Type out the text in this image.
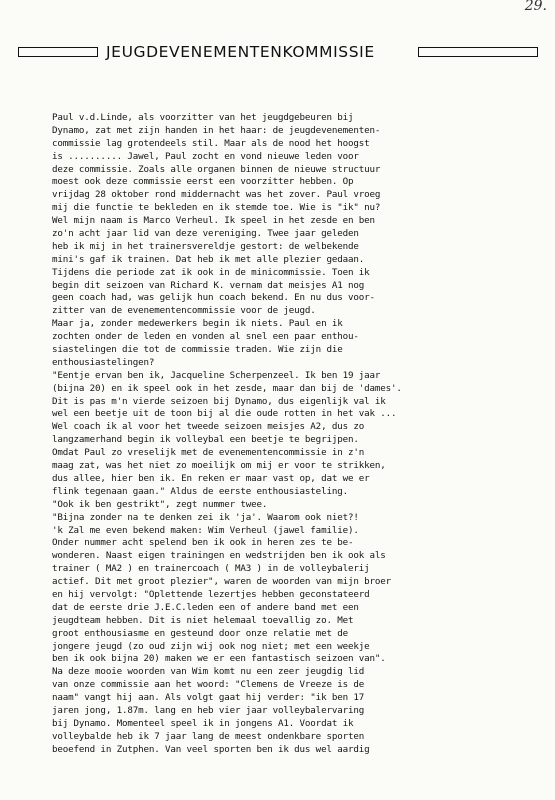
29.
JEUGDEVENEMENTENKOMMISSIE
Paul v.d.Linde, als voorzitter van het jeugdgebeuren bij
Dynamo, zat met zijn handen in het haar: de jeugdevenementen-
commissie lag grotendeels stil. Maar als de nood het hoogst
is .......... Jawel, Paul zocht en vond nieuwe leden voor
deze commissie. Zoals alle organen binnen de nieuwe structuur
moest ook deze commissie eerst een voorzitter hebben. Op
vrijdag 28 oktober rond middernacht was het zover. Paul vroeg
mij die functie te bekleden en ik stemde toe. Wie is "ik" nu?
Wel mijn naam is Marco Verheul. Ik speel in het zesde en ben
zo'n acht jaar lid van deze vereniging. Twee jaar geleden
heb ik mij in het trainersvereldje gestort: de welbekende
mini's gaf ik trainen. Dat heb ik met alle plezier gedaan.
Tijdens die periode zat ik ook in de minicommissie. Toen ik
begin dit seizoen van Richard K. vernam dat meisjes A1 nog
geen coach had, was gelijk hun coach bekend. En nu dus voor-
zitter van de evenementencommissie voor de jeugd.
Maar ja, zonder medewerkers begin ik niets. Paul en ik
zochten onder de leden en vonden al snel een paar enthou-
siastelingen die tot de commissie traden. Wie zijn die
enthousiastelingen?
"Eentje ervan ben ik, Jacqueline Scherpenzeel. Ik ben 19 jaar
(bijna 20) en ik speel ook in het zesde, maar dan bij de 'dames'.
Dit is pas m'n vierde seizoen bij Dynamo, dus eigenlijk val ik
wel een beetje uit de toon bij al die oude rotten in het vak ...
Wel coach ik al voor het tweede seizoen meisjes A2, dus zo
langzamerhand begin ik volleybal een beetje te begrijpen.
Omdat Paul zo vreselijk met de evenementencommissie in z'n
maag zat, was het niet zo moeilijk om mij er voor te strikken,
dus allee, hier ben ik. En reken er maar vast op, dat we er
flink tegenaan gaan." Aldus de eerste enthousiasteling.
"Ook ik ben gestrikt", zegt nummer twee.
"Bijna zonder na te denken zei ik 'ja'. Waarom ook niet?!
'k Zal me even bekend maken: Wim Verheul (jawel familie).
Onder nummer acht spelend ben ik ook in heren zes te be-
wonderen. Naast eigen trainingen en wedstrijden ben ik ook als
trainer ( MA2 ) en trainercoach ( MA3 ) in de volleybalerij
actief. Dit met groot plezier", waren de woorden van mijn broer
en hij vervolgt: "Oplettende lezertjes hebben geconstateerd
dat de eerste drie J.E.C.leden een of andere band met een
jeugdteam hebben. Dit is niet helemaal toevallig zo. Met
groot enthousiasme en gesteund door onze relatie met de
jongere jeugd (zo oud zijn wij ook nog niet; met een weekje
ben ik ook bijna 20) maken we er een fantastisch seizoen van".
Na deze mooie woorden van Wim komt nu een zeer jeugdig lid
van onze commissie aan het woord: "Clemens de Vreeze is de
naam" vangt hij aan. Als volgt gaat hij verder: "ik ben 17
jaren jong, 1.87m. lang en heb vier jaar volleybalervaring
bij Dynamo. Momenteel speel ik in jongens A1. Voordat ik
volleybalde heb ik 7 jaar lang de meest ondenkbare sporten
beoefend in Zutphen. Van veel sporten ben ik dus wel aardig
